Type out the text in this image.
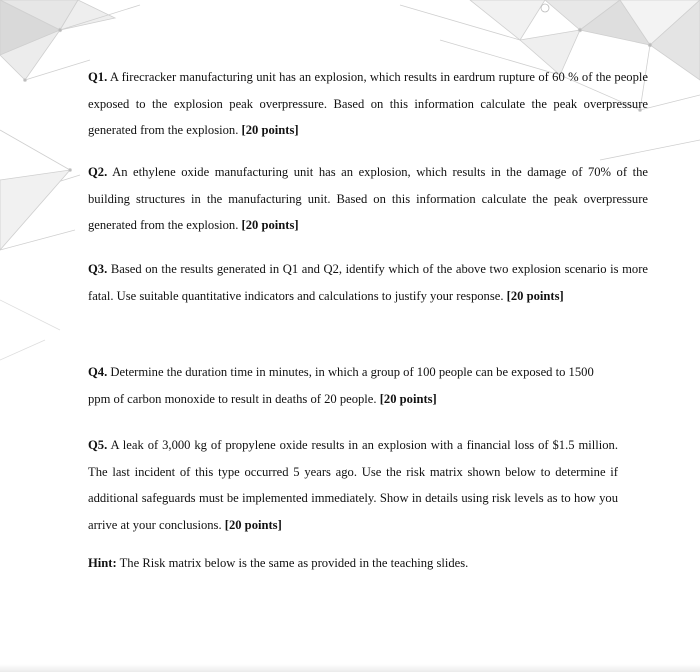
Q1. A firecracker manufacturing unit has an explosion, which results in eardrum rupture of 60 % of the people exposed to the explosion peak overpressure. Based on this information calculate the peak overpressure generated from the explosion. [20 points]

Q2. An ethylene oxide manufacturing unit has an explosion, which results in the damage of 70% of the building structures in the manufacturing unit. Based on this information calculate the peak overpressure generated from the explosion. [20 points]

Q3. Based on the results generated in Q1 and Q2, identify which of the above two explosion scenario is more fatal. Use suitable quantitative indicators and calculations to justify your response. [20 points]

Q4. Determine the duration time in minutes, in which a group of 100 people can be exposed to 1500 ppm of carbon monoxide to result in deaths of 20 people. [20 points]

Q5. A leak of 3,000 kg of propylene oxide results in an explosion with a financial loss of $1.5 million. The last incident of this type occurred 5 years ago. Use the risk matrix shown below to determine if additional safeguards must be implemented immediately. Show in details using risk levels as to how you arrive at your conclusions. [20 points]

Hint: The Risk matrix below is the same as provided in the teaching slides.
